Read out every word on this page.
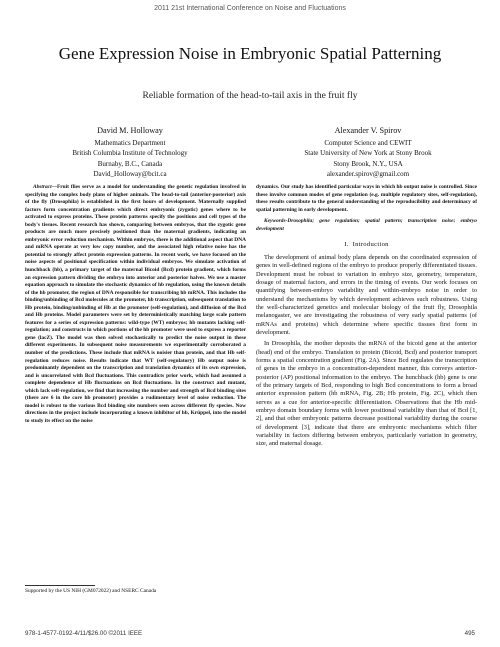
2011 21st International Conference on Noise and Fluctuations
Gene Expression Noise in Embryonic Spatial Patterning
Reliable formation of the head-to-tail axis in the fruit fly
David M. Holloway
Mathematics Department
British Columbia Institute of Technology
Burnaby, B.C., Canada
David_Holloway@bcit.ca
Alexander V. Spirov
Computer Science and CEWIT
State University of New York at Stony Brook
Stony Brook, N.Y., USA
alexander.spirov@gmail.com

Abstract—Fruit flies serve as a model for understanding the genetic regulation involved in specifying the complex body plans of higher animals. The head-to-tail (anterior-posterior) axis of the fly (Drosophila) is established in the first hours of development. Maternally supplied factors form concentration gradients which direct embryonic (zygotic) genes where to be activated to express proteins. These protein patterns specify the positions and cell types of the body's tissues. Recent research has shown, comparing between embryos, that the zygotic gene products are much more precisely positioned than the maternal gradients, indicating an embryonic error reduction mechanism. Within embryos, there is the additional aspect that DNA and mRNA operate at very low copy number, and the associated high relative noise has the potential to strongly affect protein expression patterns. In recent work, we have focused on the noise aspects of positional specification within individual embryos. We simulate activation of hunchback (hb), a primary target of the maternal Bicoid (Bcd) protein gradient, which forms an expression pattern dividing the embryo into anterior and posterior halves. We use a master equation approach to simulate the stochastic dynamics of hb regulation, using the known details of the hb promoter, the region of DNA responsible for transcribing hb mRNA. This includes the binding/unbinding of Bcd molecules at the promoter, hb transcription, subsequent translation to Hb protein, binding/unbinding of Hb at the promoter (self-regulation), and diffusion of the Bcd and Hb proteins. Model parameters were set by deterministically matching large scale pattern features for a series of expression patterns: wild-type (WT) embryos; hb mutants lacking self-regulation; and constructs in which portions of the hb promoter were used to express a reporter gene (lacZ). The model was then solved stochastically to predict the noise output in these different experiments. In subsequent noise measurements we experimentally corroborated a number of the predictions. These include that mRNA is noisier than protein, and that Hb self-regulation reduces noise. Results indicate that WT (self-regulatory) Hb output noise is predominantly dependent on the transcription and translation dynamics of its own expression, and is uncorrelated with Bcd fluctuations. This contradicts prior work, which had assumed a complete dependence of Hb fluctuations on Bcd fluctuations. In the construct and mutant, which lack self-regulation, we find that increasing the number and strength of Bcd binding sites (there are 6 in the core hb promoter) provides a rudimentary level of noise reduction. The model is robust to the various Bcd binding site numbers seen across different fly species. Now directions in the project include incorporating a known inhibitor of hb, Krüppel, into the model to study its effect on the noise

dynamics. Our study has identified particular ways in which hb output noise is controlled. Since these involve common modes of gene regulation (e.g. multiple regulatory sites, self-regulation), these results contribute to the general understanding of the reproducibility and determinacy of spatial patterning in early development.

Keywords-Drosophila; gene regulation; spatial pattern; transcription noise; embryo development

I. Introduction

The development of animal body plans depends on the coordinated expression of genes in well-defined regions of the embryo to produce properly differentiated tissues. Development must be robust to variation in embryo size, geometry, temperature, dosage of maternal factors, and errors in the timing of events. Our work focuses on quantifying between-embryo variability and within-embryo noise in order to understand the mechanisms by which development achieves such robustness. Using the well-characterized genetics and molecular biology of the fruit fly, Drosophila melanogaster, we are investigating the robustness of very early spatial patterns (of mRNAs and proteins) which determine where specific tissues first form in development.

In Drosophila, the mother deposits the mRNA of the bicoid gene at the anterior (head) end of the embryo. Translation to protein (Bicoid, Bcd) and posterior transport forms a spatial concentration gradient (Fig. 2A). Since Bcd regulates the transcription of genes in the embryo in a concentration-dependent manner, this conveys anterior-posterior (AP) positional information to the embryo. The hunchback (hb) gene is one of the primary targets of Bcd, responding to high Bcd concentrations to form a broad anterior expression pattern (hb mRNA, Fig. 2B; Hb protein, Fig. 2C), which then serves as a cue for anterior-specific differentiation. Observations that the Hb mid-embryo domain boundary forms with lower positional variability than that of Bcd [1, 2], and that other embryonic patterns decrease positional variability during the course of development [3], indicate that there are embryonic mechanisms which filter variability in factors differing between embryos, particularly variation in geometry, size, and maternal dosage.

Supported by the US NIH (GM072022) and NSERC Canada
978-1-4577-0192-4/11/$26.00 ©2011 IEEE	495
